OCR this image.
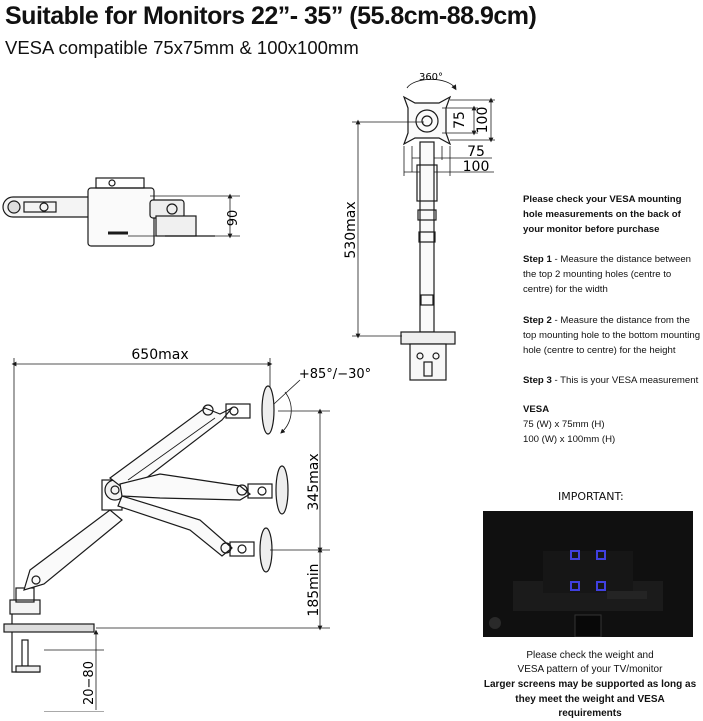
Suitable for Monitors 22”- 35” (55.8cm-88.9cm)
VESA compatible 75x75mm & 100x100mm
90
360°
75 100
75
100
530max
650max
+85°/−30°
345max
185min
20−80
Please check your VESA mounting hole measurements on the back of your monitor before purchase
Step 1 - Measure the distance between the top 2 mounting holes (centre to centre) for the width
Step 2 - Measure the distance from the top mounting hole to the bottom mounting hole (centre to centre) for the height
Step 3 - This is your VESA measurement
VESA
75 (W) x 75mm (H)
100 (W) x 100mm (H)
IMPORTANT:
Please check the weight and
VESA pattern of your TV/monitor
Larger screens may be supported as long as
they meet the weight and VESA requirements
